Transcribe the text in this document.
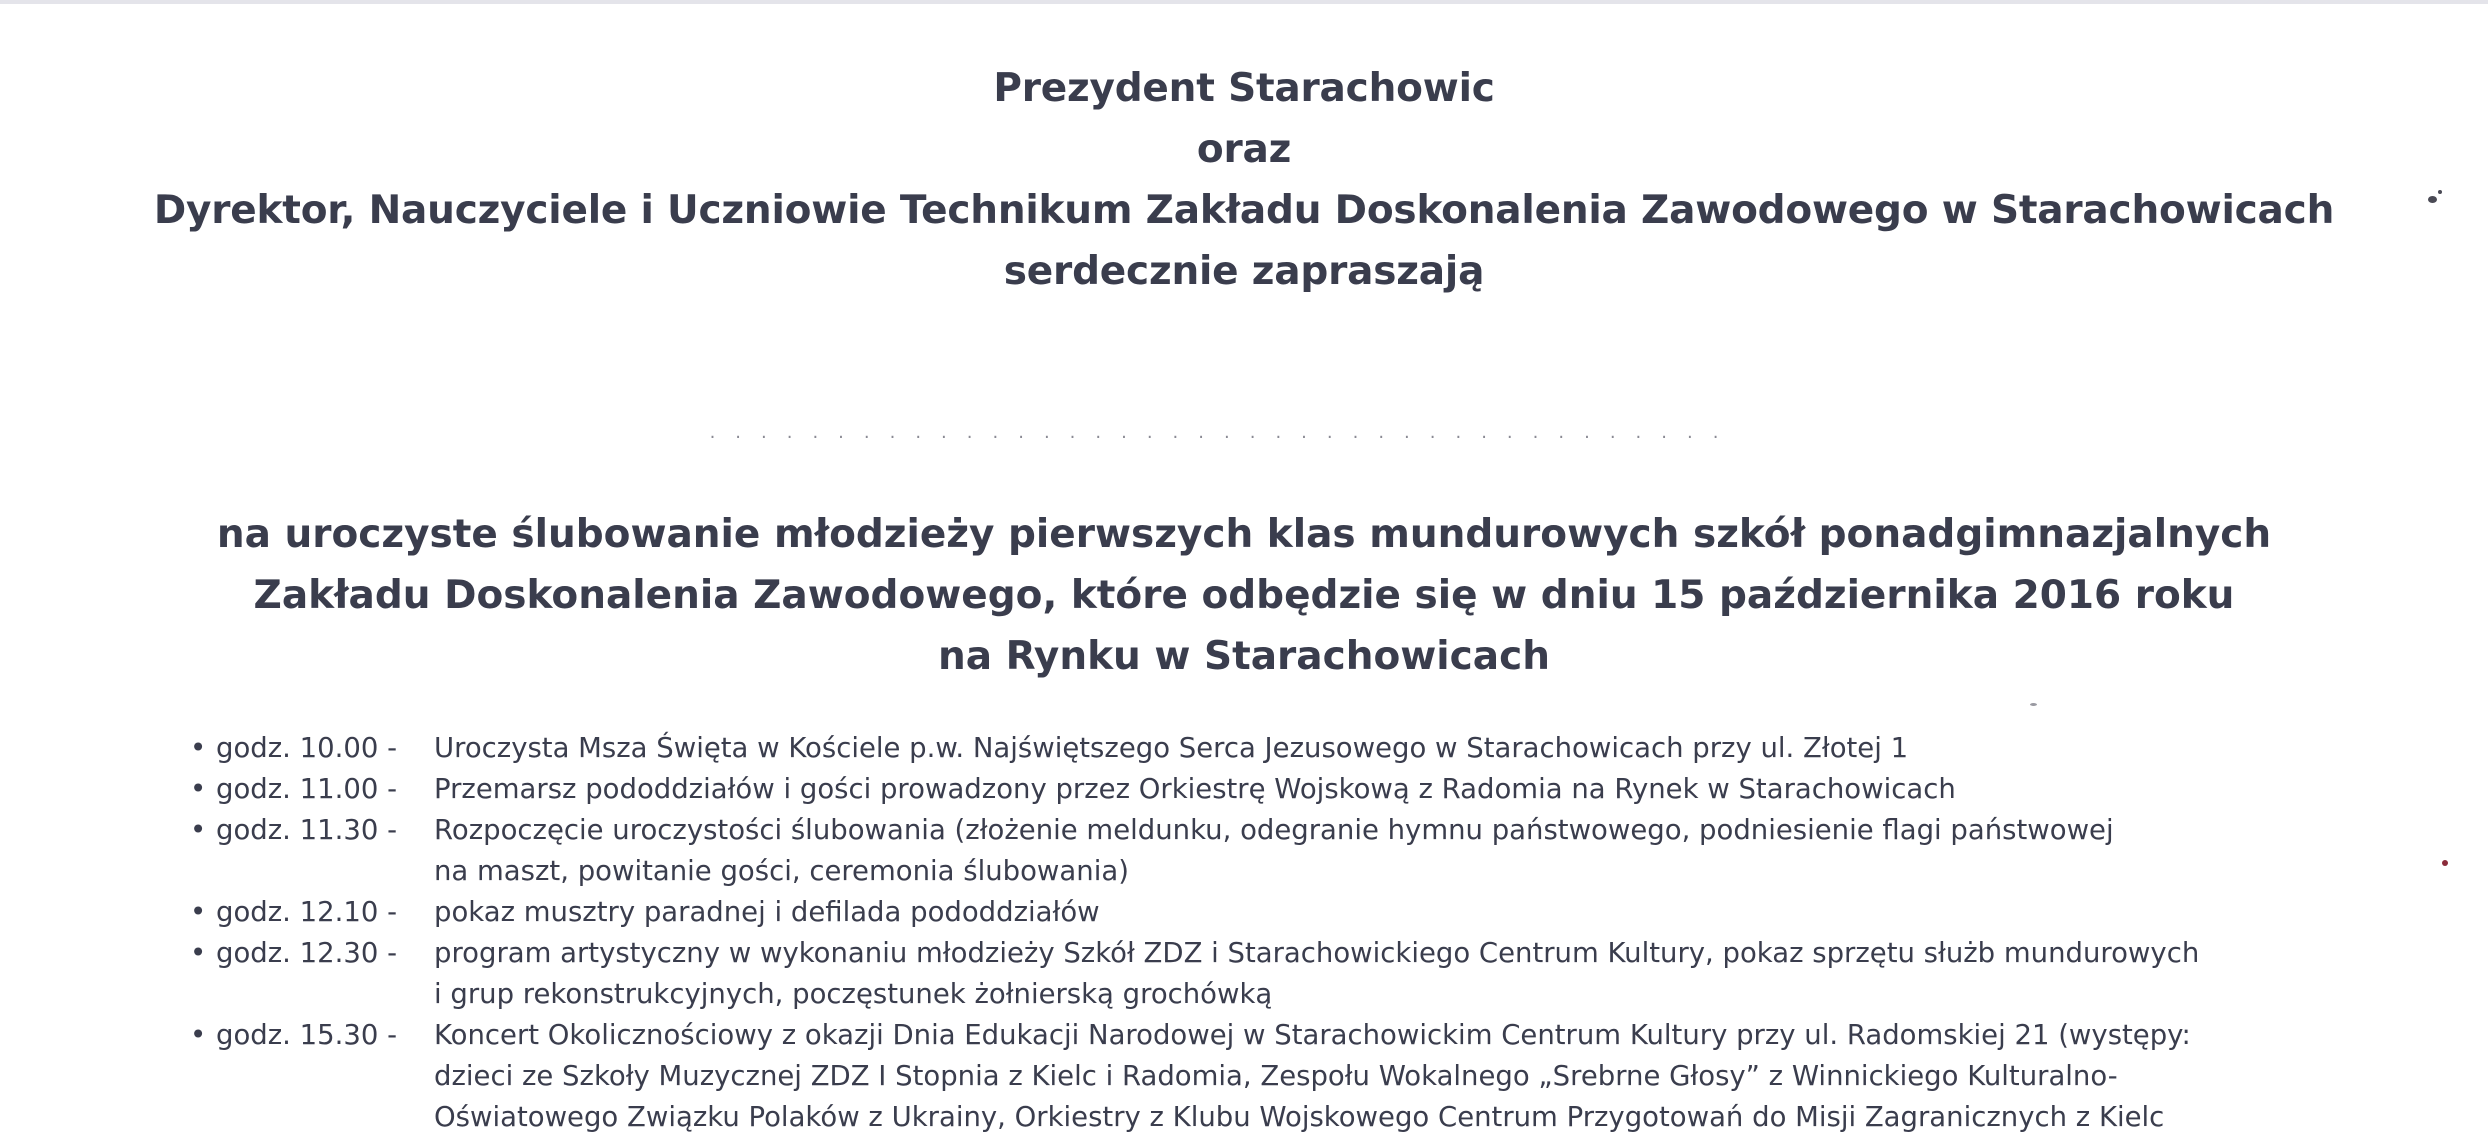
Prezydent Starachowic
oraz
Dyrektor, Nauczyciele i Uczniowie Technikum Zakładu Doskonalenia Zawodowego w Starachowicach
serdecznie zapraszają
........................................
na uroczyste ślubowanie młodzieży pierwszych klas mundurowych szkół ponadgimnazjalnych
Zakładu Doskonalenia Zawodowego, które odbędzie się w dniu 15 października 2016 roku
na Rynku w Starachowicach
• godz. 10.00 - Uroczysta Msza Święta w Kościele p.w. Najświętszego Serca Jezusowego w Starachowicach przy ul. Złotej 1
• godz. 11.00 - Przemarsz pododdziałów i gości prowadzony przez Orkiestrę Wojskową z Radomia na Rynek w Starachowicach
• godz. 11.30 - Rozpoczęcie uroczystości ślubowania (złożenie meldunku, odegranie hymnu państwowego, podniesienie flagi państwowej
na maszt, powitanie gości, ceremonia ślubowania)
• godz. 12.10 - pokaz musztry paradnej i defilada pododdziałów
• godz. 12.30 - program artystyczny w wykonaniu młodzieży Szkół ZDZ i Starachowickiego Centrum Kultury, pokaz sprzętu służb mundurowych
i grup rekonstrukcyjnych, poczęstunek żołnierską grochówką
• godz. 15.30 - Koncert Okolicznościowy z okazji Dnia Edukacji Narodowej w Starachowickim Centrum Kultury przy ul. Radomskiej 21 (występy:
dzieci ze Szkoły Muzycznej ZDZ I Stopnia z Kielc i Radomia, Zespołu Wokalnego „Srebrne Głosy” z Winnickiego Kulturalno-
Oświatowego Związku Polaków z Ukrainy, Orkiestry z Klubu Wojskowego Centrum Przygotowań do Misji Zagranicznych z Kielc
